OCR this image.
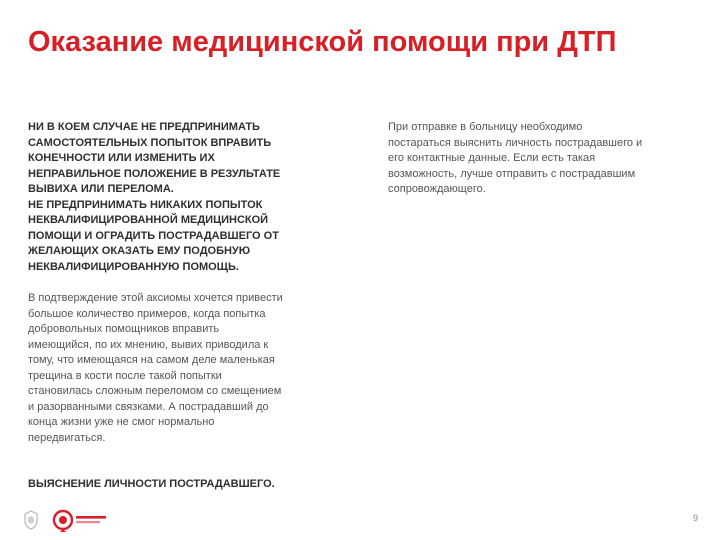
Оказание медицинской помощи при ДТП

НИ В КОЕМ СЛУЧАЕ НЕ ПРЕДПРИНИМАТЬ
САМОСТОЯТЕЛЬНЫХ ПОПЫТОК ВПРАВИТЬ
КОНЕЧНОСТИ ИЛИ ИЗМЕНИТЬ ИХ
НЕПРАВИЛЬНОЕ ПОЛОЖЕНИЕ В РЕЗУЛЬТАТЕ
ВЫВИХА ИЛИ ПЕРЕЛОМА.
НЕ ПРЕДПРИНИМАТЬ НИКАКИХ ПОПЫТОК
НЕКВАЛИФИЦИРОВАННОЙ МЕДИЦИНСКОЙ
ПОМОЩИ И ОГРАДИТЬ ПОСТРАДАВШЕГО ОТ
ЖЕЛАЮЩИХ ОКАЗАТЬ ЕМУ ПОДОБНУЮ
НЕКВАЛИФИЦИРОВАННУЮ ПОМОЩЬ.

В подтверждение этой аксиомы хочется привести
большое количество примеров, когда попытка
добровольных помощников вправить
имеющийся, по их мнению, вывих приводила к
тому, что имеющаяся на самом деле маленькая
трещина в кости после такой попытки
становилась сложным переломом со смещением
и разорванными связками. А пострадавший до
конца жизни уже не смог нормально
передвигаться.

ВЫЯСНЕНИЕ ЛИЧНОСТИ ПОСТРАДАВШЕГО.

При отправке в больницу необходимо
постараться выяснить личность пострадавшего и
его контактные данные. Если есть такая
возможность, лучше отправить с пострадавшим
сопровождающего.

9
